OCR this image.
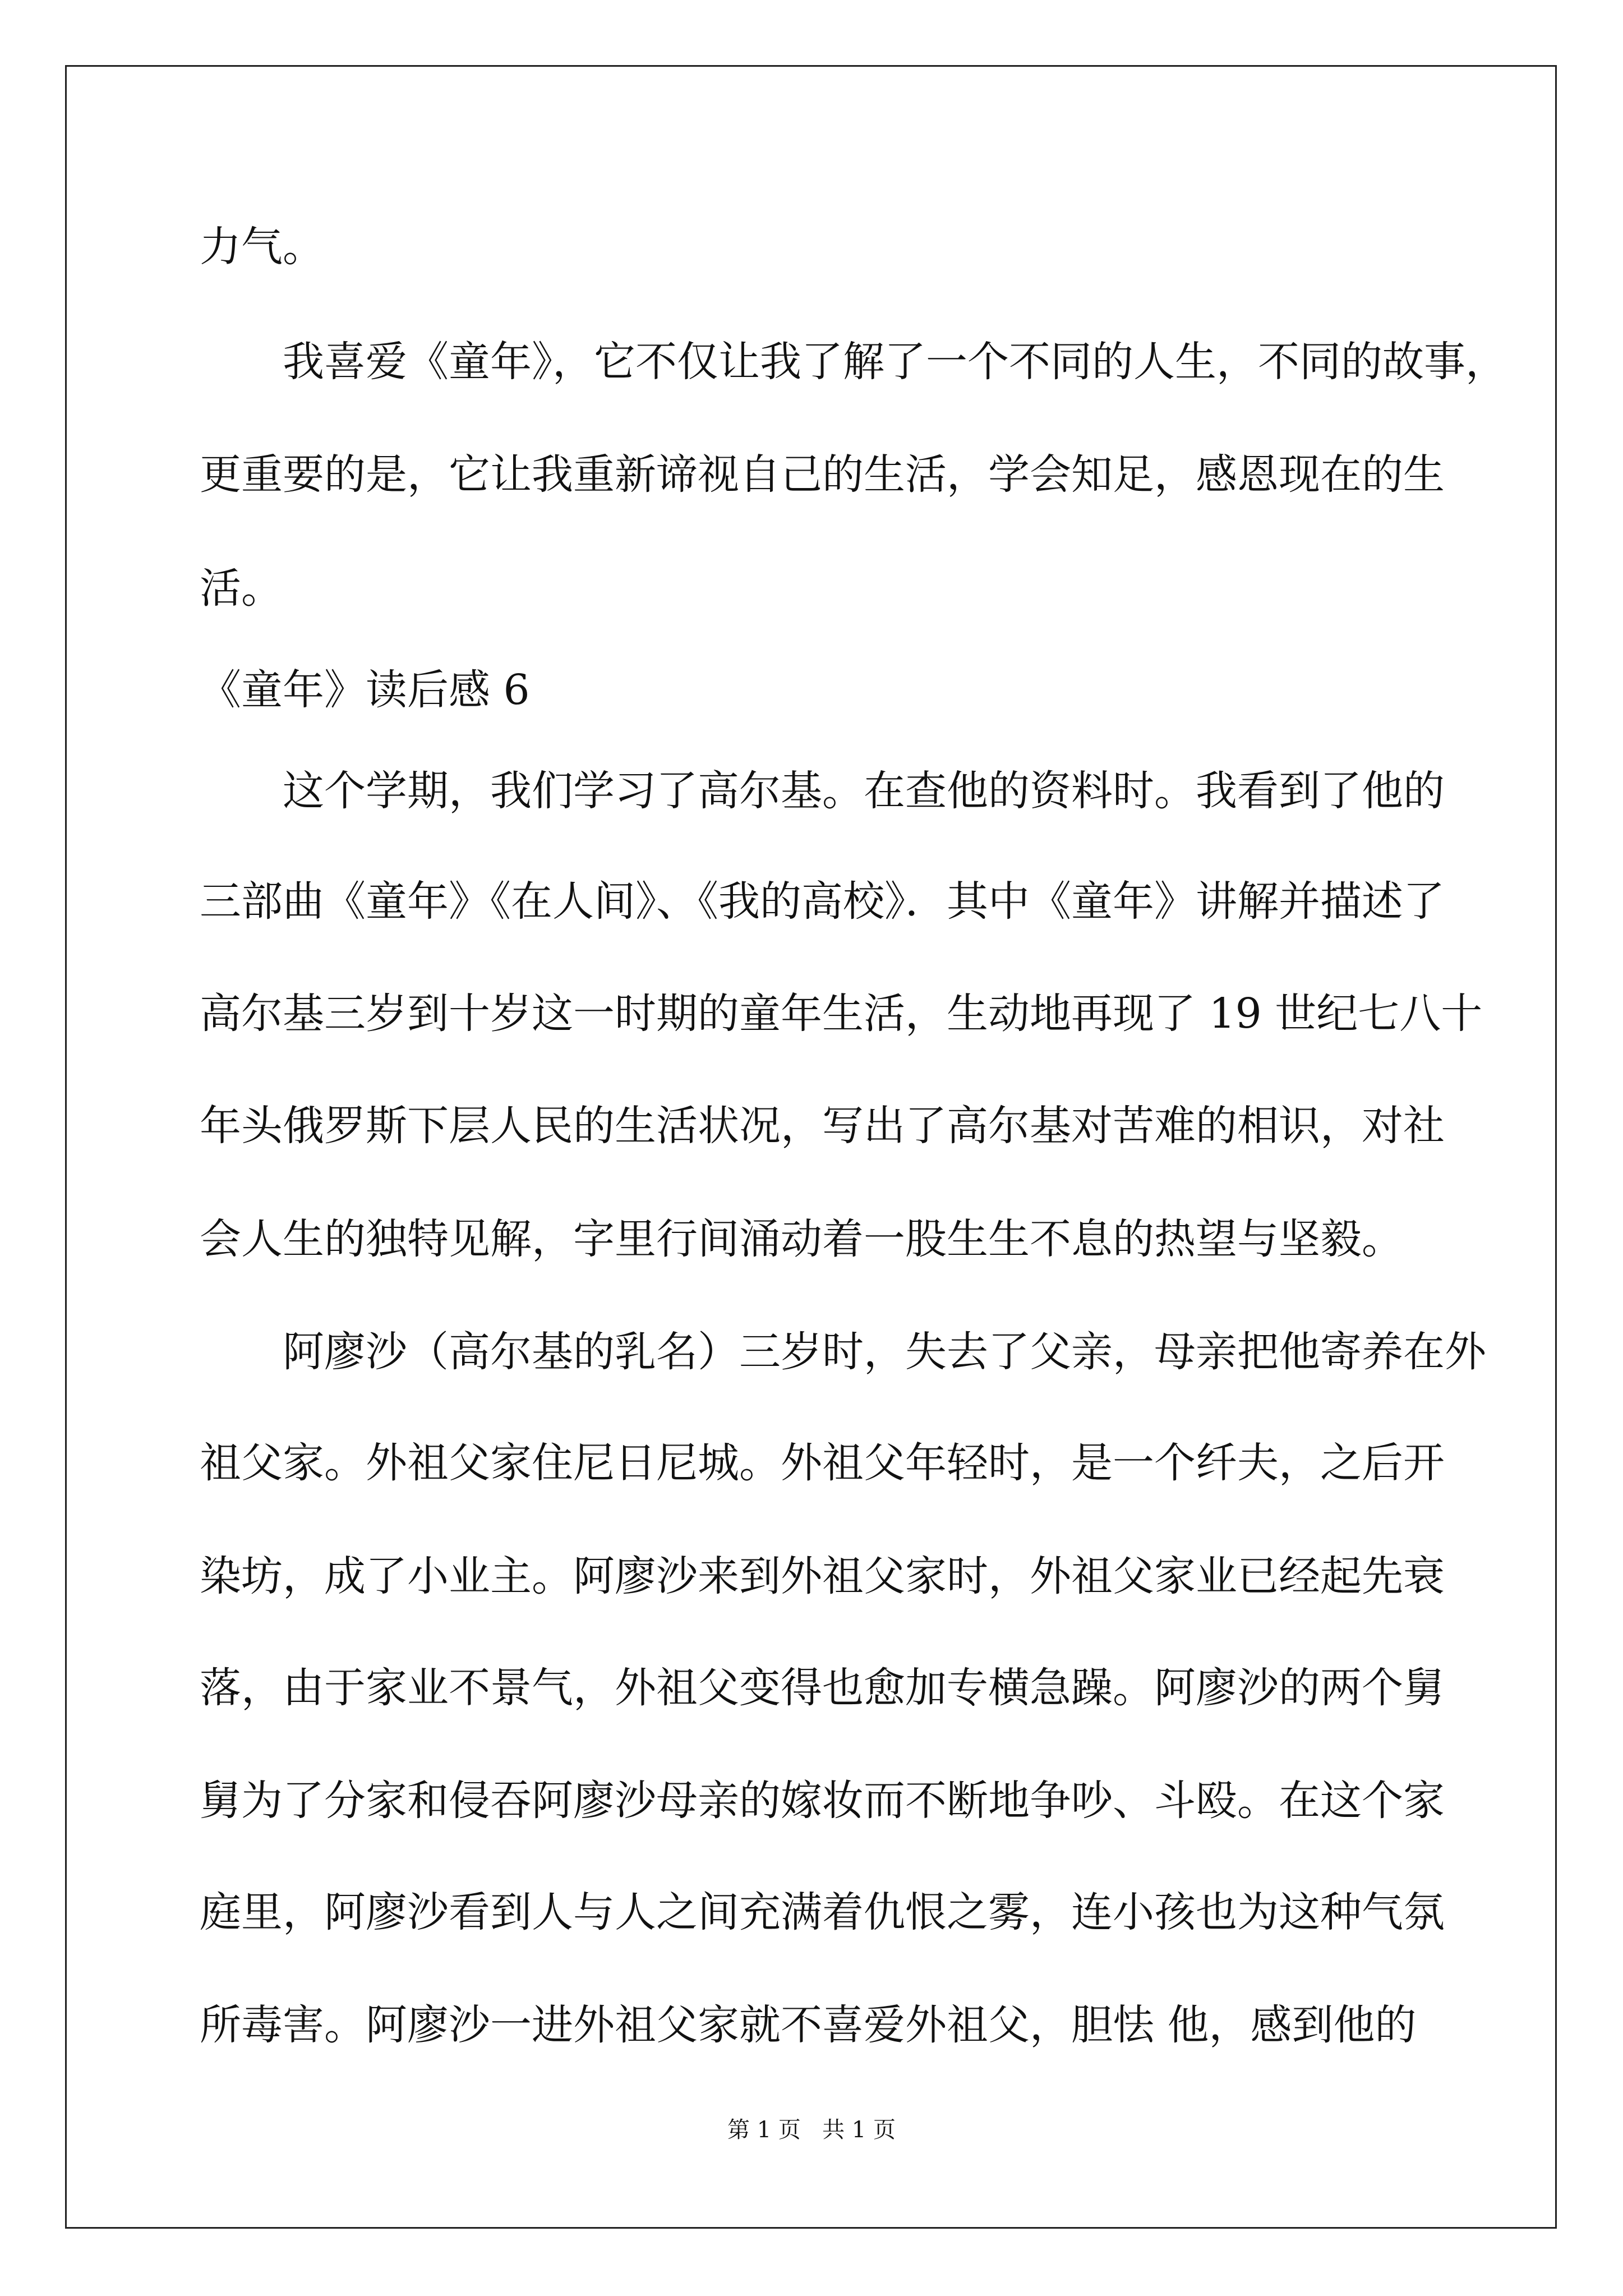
力气。
我喜爱《童年》，它不仅让我了解了一个不同的人生，不同的故事，
更重要的是，它让我重新谛视自己的生活，学会知足，感恩现在的生
活。
《童年》读后感 6
这个学期，我们学习了高尔基。在查他的资料时。我看到了他的
三部曲《童年》《在人间》、《我的高校》．其中《童年》讲解并描述了
高尔基三岁到十岁这一时期的童年生活，生动地再现了 19 世纪七八十
年头俄罗斯下层人民的生活状况，写出了高尔基对苦难的相识，对社
会人生的独特见解，字里行间涌动着一股生生不息的热望与坚毅。
阿廖沙（高尔基的乳名）三岁时，失去了父亲，母亲把他寄养在外
祖父家。外祖父家住尼日尼城。外祖父年轻时，是一个纤夫，之后开
染坊，成了小业主。阿廖沙来到外祖父家时，外祖父家业已经起先衰
落，由于家业不景气，外祖父变得也愈加专横急躁。阿廖沙的两个舅
舅为了分家和侵吞阿廖沙母亲的嫁妆而不断地争吵、斗殴。在这个家
庭里，阿廖沙看到人与人之间充满着仇恨之雾，连小孩也为这种气氛
所毒害。阿廖沙一进外祖父家就不喜爱外祖父，胆怯 他，感到他的
第 1 页   共 1 页
